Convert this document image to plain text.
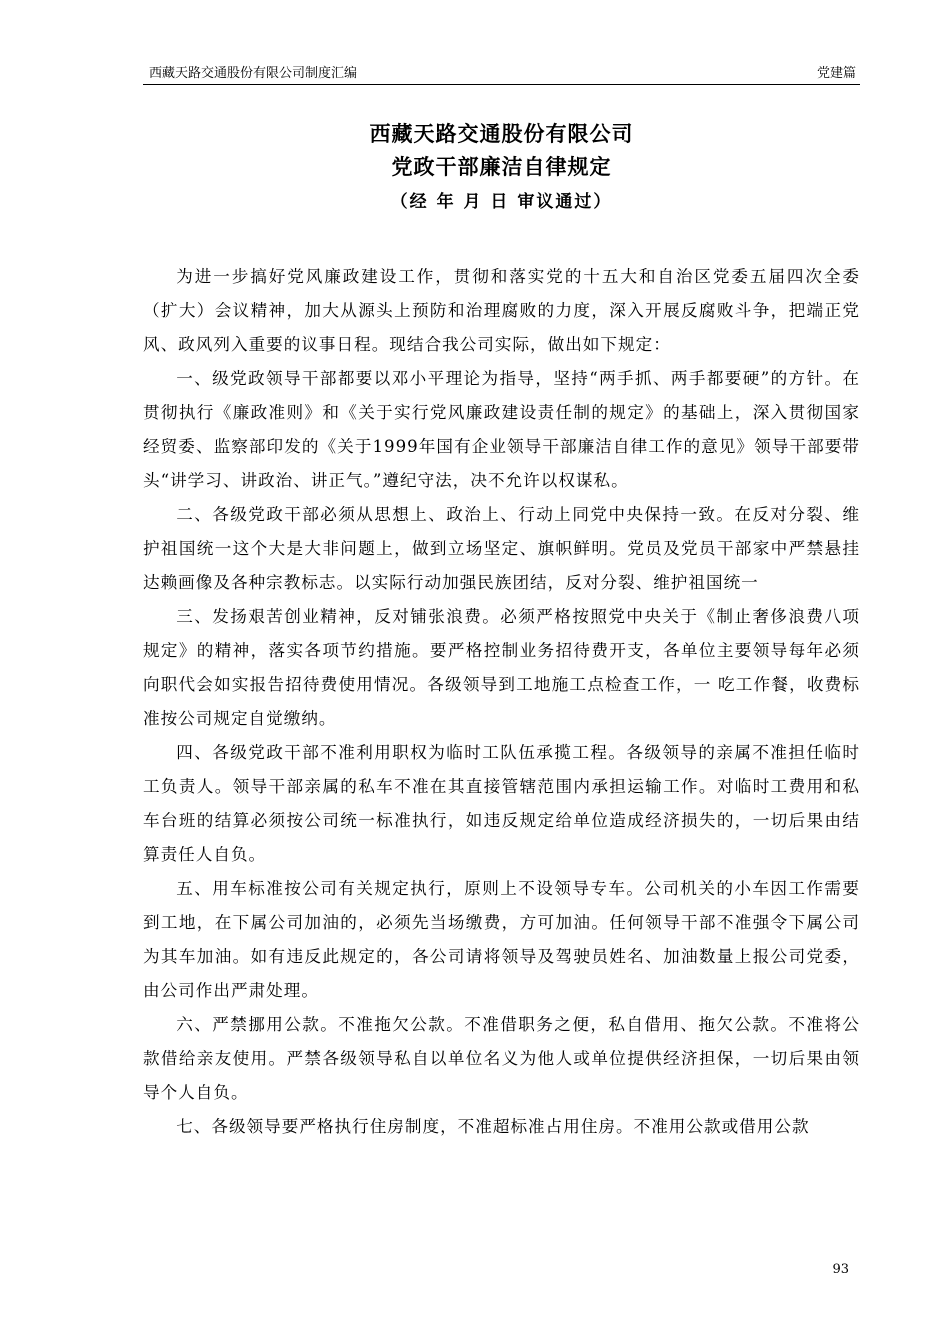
西藏天路交通股份有限公司制度汇编	党建篇
西藏天路交通股份有限公司
党政干部廉洁自律规定
（经 年 月 日 审议通过）

为进一步搞好党风廉政建设工作，贯彻和落实党的十五大和自治区党委五届四次全委（扩大）会议精神，加大从源头上预防和治理腐败的力度，深入开展反腐败斗争，把端正党风、政风列入重要的议事日程。现结合我公司实际，做出如下规定：

一、级党政领导干部都要以邓小平理论为指导，坚持“两手抓、两手都要硬”的方针。在贯彻执行《廉政准则》和《关于实行党风廉政建设责任制的规定》的基础上，深入贯彻国家经贸委、监察部印发的《关于1999年国有企业领导干部廉洁自律工作的意见》领导干部要带头“讲学习、讲政治、讲正气。”遵纪守法，决不允许以权谋私。

二、各级党政干部必须从思想上、政治上、行动上同党中央保持一致。在反对分裂、维护祖国统一这个大是大非问题上，做到立场坚定、旗帜鲜明。党员及党员干部家中严禁悬挂达赖画像及各种宗教标志。以实际行动加强民族团结，反对分裂、维护祖国统一

三、发扬艰苦创业精神，反对铺张浪费。必须严格按照党中央关于《制止奢侈浪费八项规定》的精神，落实各项节约措施。要严格控制业务招待费开支，各单位主要领导每年必须向职代会如实报告招待费使用情况。各级领导到工地施工点检查工作，一 吃工作餐，收费标准按公司规定自觉缴纳。

四、各级党政干部不准利用职权为临时工队伍承揽工程。各级领导的亲属不准担任临时工负责人。领导干部亲属的私车不准在其直接管辖范围内承担运输工作。对临时工费用和私车台班的结算必须按公司统一标准执行，如违反规定给单位造成经济损失的，一切后果由结算责任人自负。

五、用车标准按公司有关规定执行，原则上不设领导专车。公司机关的小车因工作需要到工地，在下属公司加油的，必须先当场缴费，方可加油。任何领导干部不准强令下属公司为其车加油。如有违反此规定的，各公司请将领导及驾驶员姓名、加油数量上报公司党委，由公司作出严肃处理。

六、严禁挪用公款。不准拖欠公款。不准借职务之便，私自借用、拖欠公款。不准将公款借给亲友使用。严禁各级领导私自以单位名义为他人或单位提供经济担保，一切后果由领导个人自负。

七、各级领导要严格执行住房制度，不准超标准占用住房。不准用公款或借用公款

93
